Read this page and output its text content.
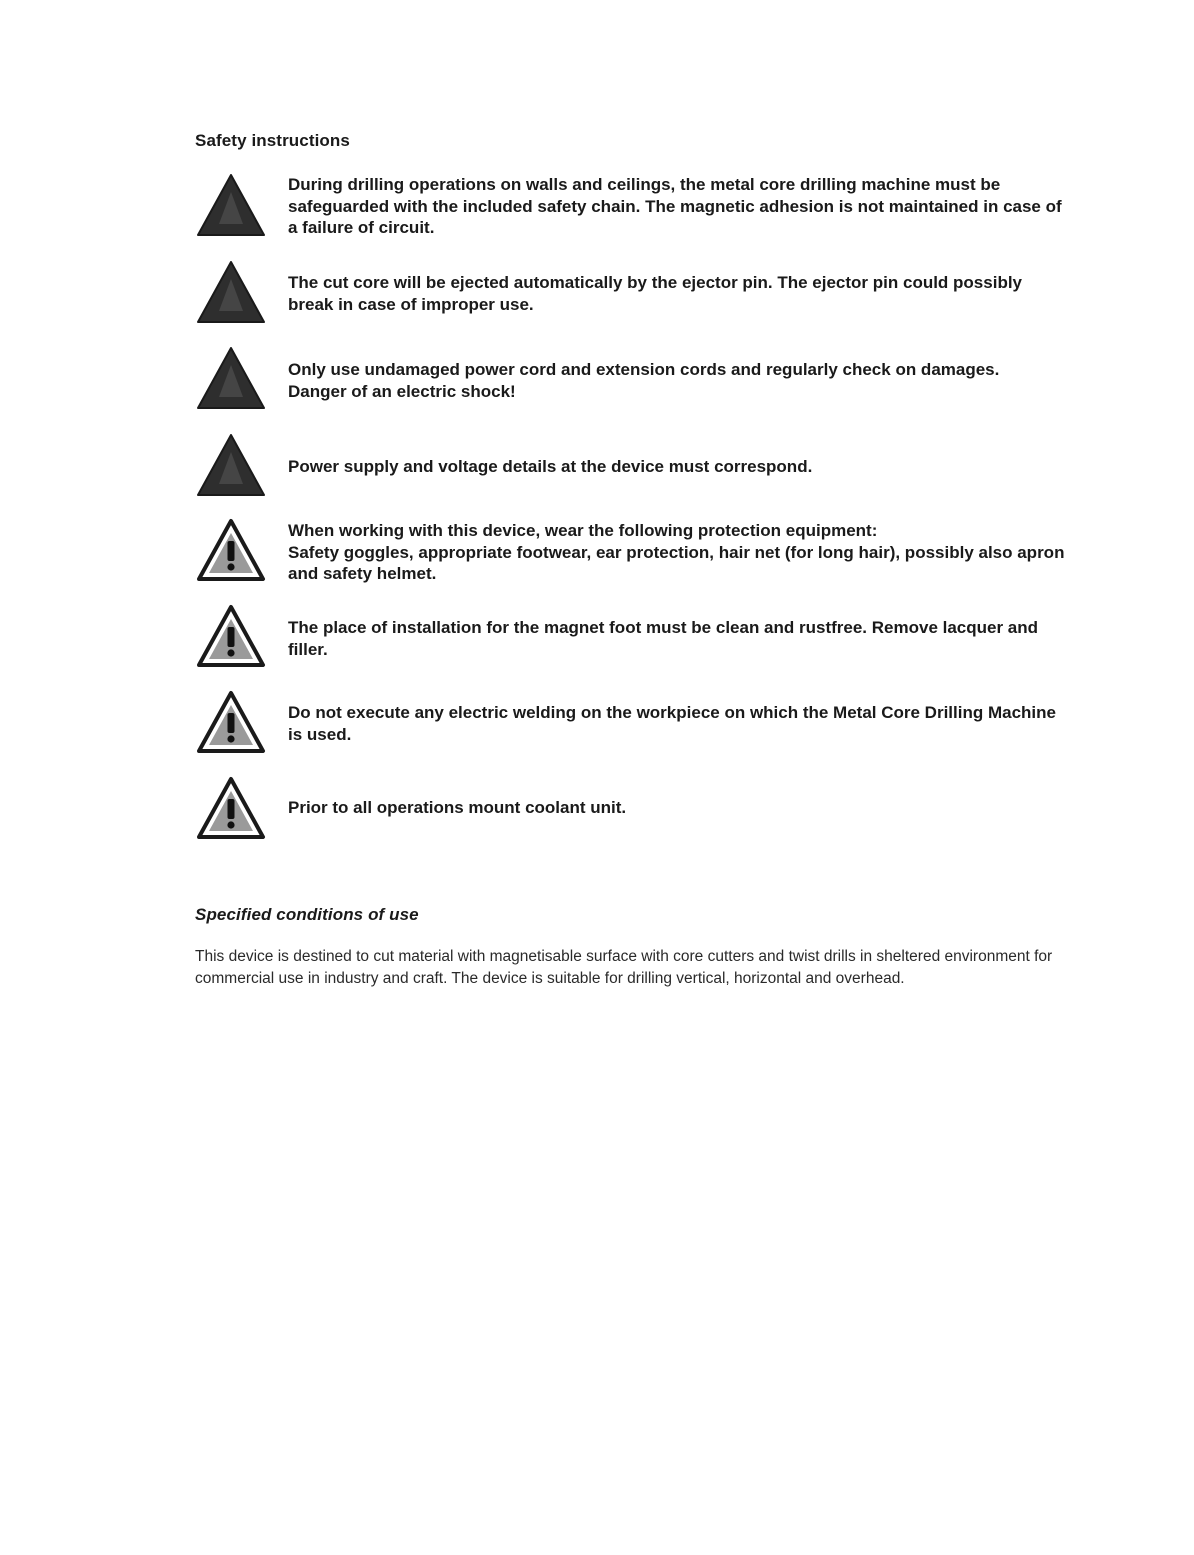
Safety instructions
During drilling operations on walls and ceilings, the metal core drilling machine must be
safeguarded with the included safety chain. The magnetic adhesion is not maintained in case of
a failure of circuit.
The cut core will be ejected automatically by the ejector pin. The ejector pin could possibly
break in case of improper use.
Only use undamaged power cord and extension cords and regularly check on damages.
Danger of an electric shock!
Power supply and voltage details at the device must correspond.
When working with this device, wear the following protection equipment:
Safety goggles, appropriate footwear, ear protection, hair net (for long hair), possibly also apron
and safety helmet.
The place of installation for the magnet foot must be clean and rustfree. Remove lacquer and
filler.
Do not execute any electric welding on the workpiece on which the Metal Core Drilling Machine
is used.
Prior to all operations mount coolant unit.
Specified conditions of use
This device is destined to cut material with magnetisable surface with core cutters and twist drills in sheltered environment for commercial use in industry and craft. The device is suitable for drilling vertical, horizontal and overhead.
